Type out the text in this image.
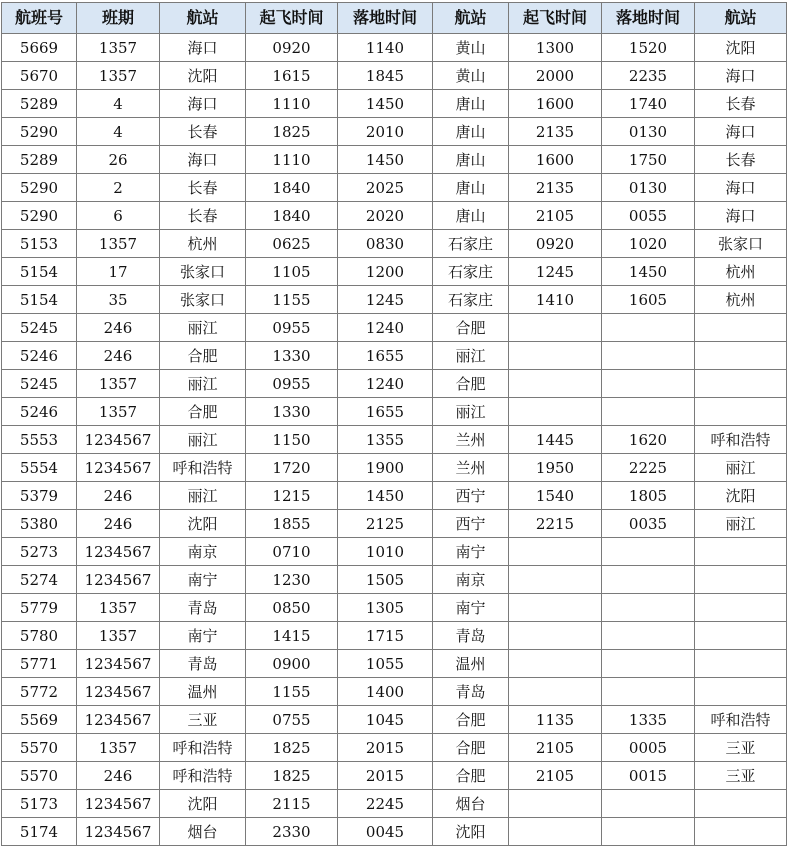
航班号	班期	航站	起飞时间	落地时间	航站	起飞时间	落地时间	航站
5669	1357	海口	0920	1140	黄山	1300	1520	沈阳
5670	1357	沈阳	1615	1845	黄山	2000	2235	海口
5289	4	海口	1110	1450	唐山	1600	1740	长春
5290	4	长春	1825	2010	唐山	2135	0130	海口
5289	26	海口	1110	1450	唐山	1600	1750	长春
5290	2	长春	1840	2025	唐山	2135	0130	海口
5290	6	长春	1840	2020	唐山	2105	0055	海口
5153	1357	杭州	0625	0830	石家庄	0920	1020	张家口
5154	17	张家口	1105	1200	石家庄	1245	1450	杭州
5154	35	张家口	1155	1245	石家庄	1410	1605	杭州
5245	246	丽江	0955	1240	合肥			
5246	246	合肥	1330	1655	丽江			
5245	1357	丽江	0955	1240	合肥			
5246	1357	合肥	1330	1655	丽江			
5553	1234567	丽江	1150	1355	兰州	1445	1620	呼和浩特
5554	1234567	呼和浩特	1720	1900	兰州	1950	2225	丽江
5379	246	丽江	1215	1450	西宁	1540	1805	沈阳
5380	246	沈阳	1855	2125	西宁	2215	0035	丽江
5273	1234567	南京	0710	1010	南宁			
5274	1234567	南宁	1230	1505	南京			
5779	1357	青岛	0850	1305	南宁			
5780	1357	南宁	1415	1715	青岛			
5771	1234567	青岛	0900	1055	温州			
5772	1234567	温州	1155	1400	青岛			
5569	1234567	三亚	0755	1045	合肥	1135	1335	呼和浩特
5570	1357	呼和浩特	1825	2015	合肥	2105	0005	三亚
5570	246	呼和浩特	1825	2015	合肥	2105	0015	三亚
5173	1234567	沈阳	2115	2245	烟台			
5174	1234567	烟台	2330	0045	沈阳			
